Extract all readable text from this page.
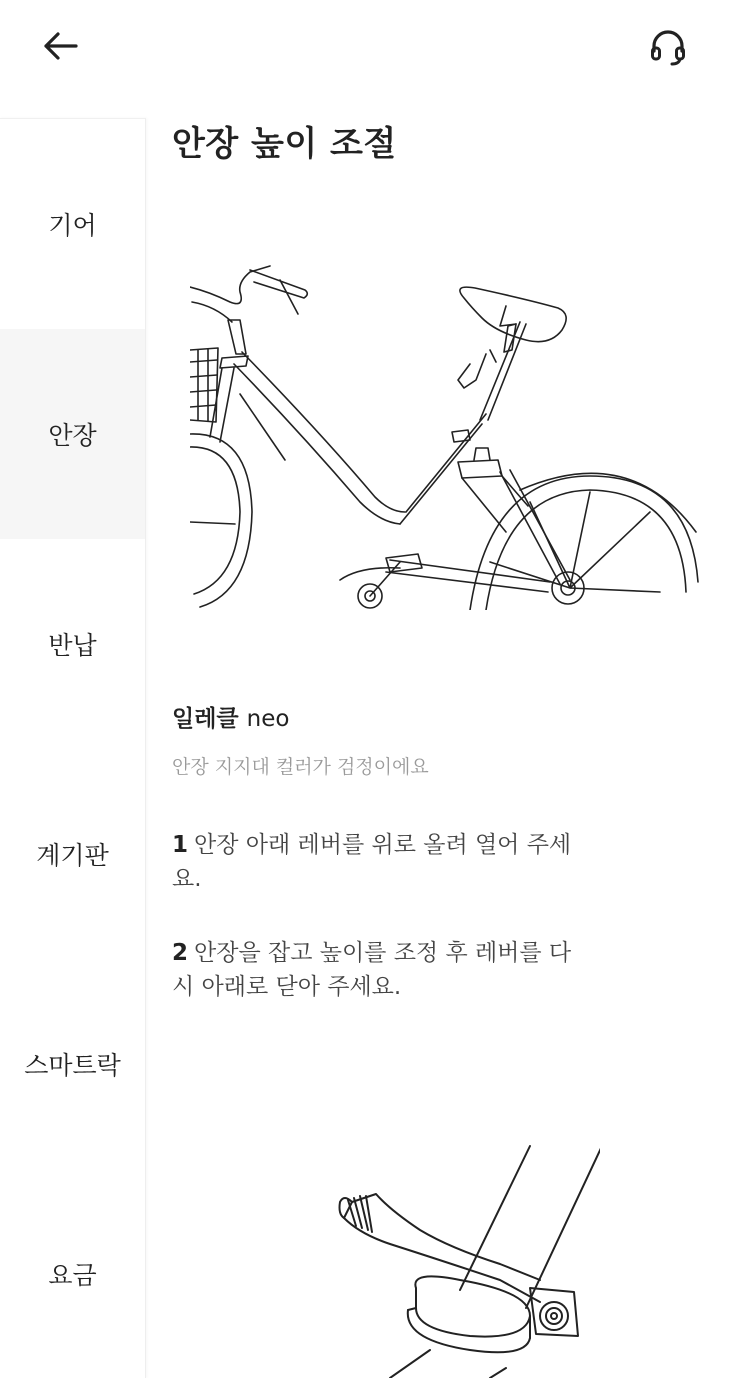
기어
안장
반납
계기판
스마트락
요금
안장 높이 조절
일레클 neo
안장 지지대 컬러가 검정이에요
1 안장 아래 레버를 위로 올려 열어 주세요.
2 안장을 잡고 높이를 조정 후 레버를 다시 아래로 닫아 주세요.
